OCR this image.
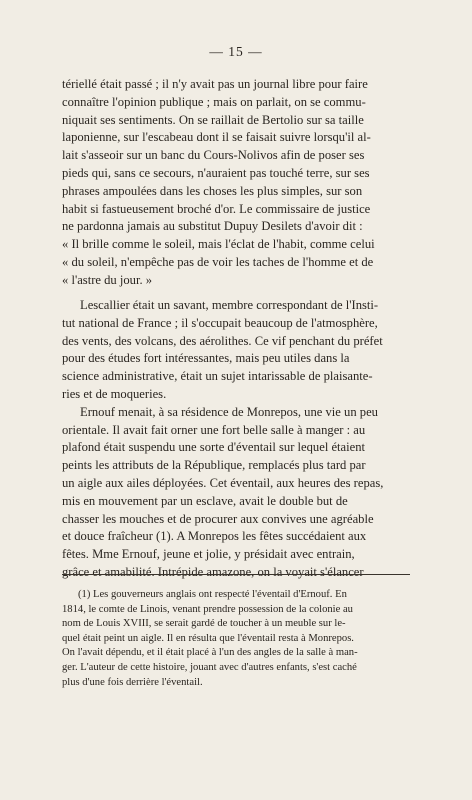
— 15 —

tériellé était passé ; il n'y avait pas un journal libre pour faire
connaître l'opinion publique ; mais on parlait, on se commu-
niquait ses sentiments. On se raillait de Bertolio sur sa taille
laponienne, sur l'escabeau dont il se faisait suivre lorsqu'il al-
lait s'asseoir sur un banc du Cours-Nolivos afin de poser ses
pieds qui, sans ce secours, n'auraient pas touché terre, sur ses
phrases ampoulées dans les choses les plus simples, sur son
habit si fastueusement broché d'or. Le commissaire de justice
ne pardonna jamais au substitut Dupuy Desilets d'avoir dit :
« Il brille comme le soleil, mais l'éclat de l'habit, comme celui
« du soleil, n'empêche pas de voir les taches de l'homme et de
« l'astre du jour. »

Lescallier était un savant, membre correspondant de l'Insti-
tut national de France ; il s'occupait beaucoup de l'atmosphère,
des vents, des volcans, des aérolithes. Ce vif penchant du préfet
pour des études fort intéressantes, mais peu utiles dans la
science administrative, était un sujet intarissable de plaisante-
ries et de moqueries.
Ernouf menait, à sa résidence de Monrepos, une vie un peu
orientale. Il avait fait orner une fort belle salle à manger : au
plafond était suspendu une sorte d'éventail sur lequel étaient
peints les attributs de la République, remplacés plus tard par
un aigle aux ailes déployées. Cet éventail, aux heures des repas,
mis en mouvement par un esclave, avait le double but de
chasser les mouches et de procurer aux convives une agréable
et douce fraîcheur (1). A Monrepos les fêtes succédaient aux
fêtes. Mme Ernouf, jeune et jolie, y présidait avec entrain,
grâce et amabilité. Intrépide amazone, on la voyait s'élancer

(1) Les gouverneurs anglais ont respecté l'éventail d'Ernouf. En
1814, le comte de Linois, venant prendre possession de la colonie au
nom de Louis XVIII, se serait gardé de toucher à un meuble sur le-
quel était peint un aigle. Il en résulta que l'éventail resta à Monrepos.
On l'avait dépendu, et il était placé à l'un des angles de la salle à man-
ger. L'auteur de cette histoire, jouant avec d'autres enfants, s'est caché
plus d'une fois derrière l'éventail.
